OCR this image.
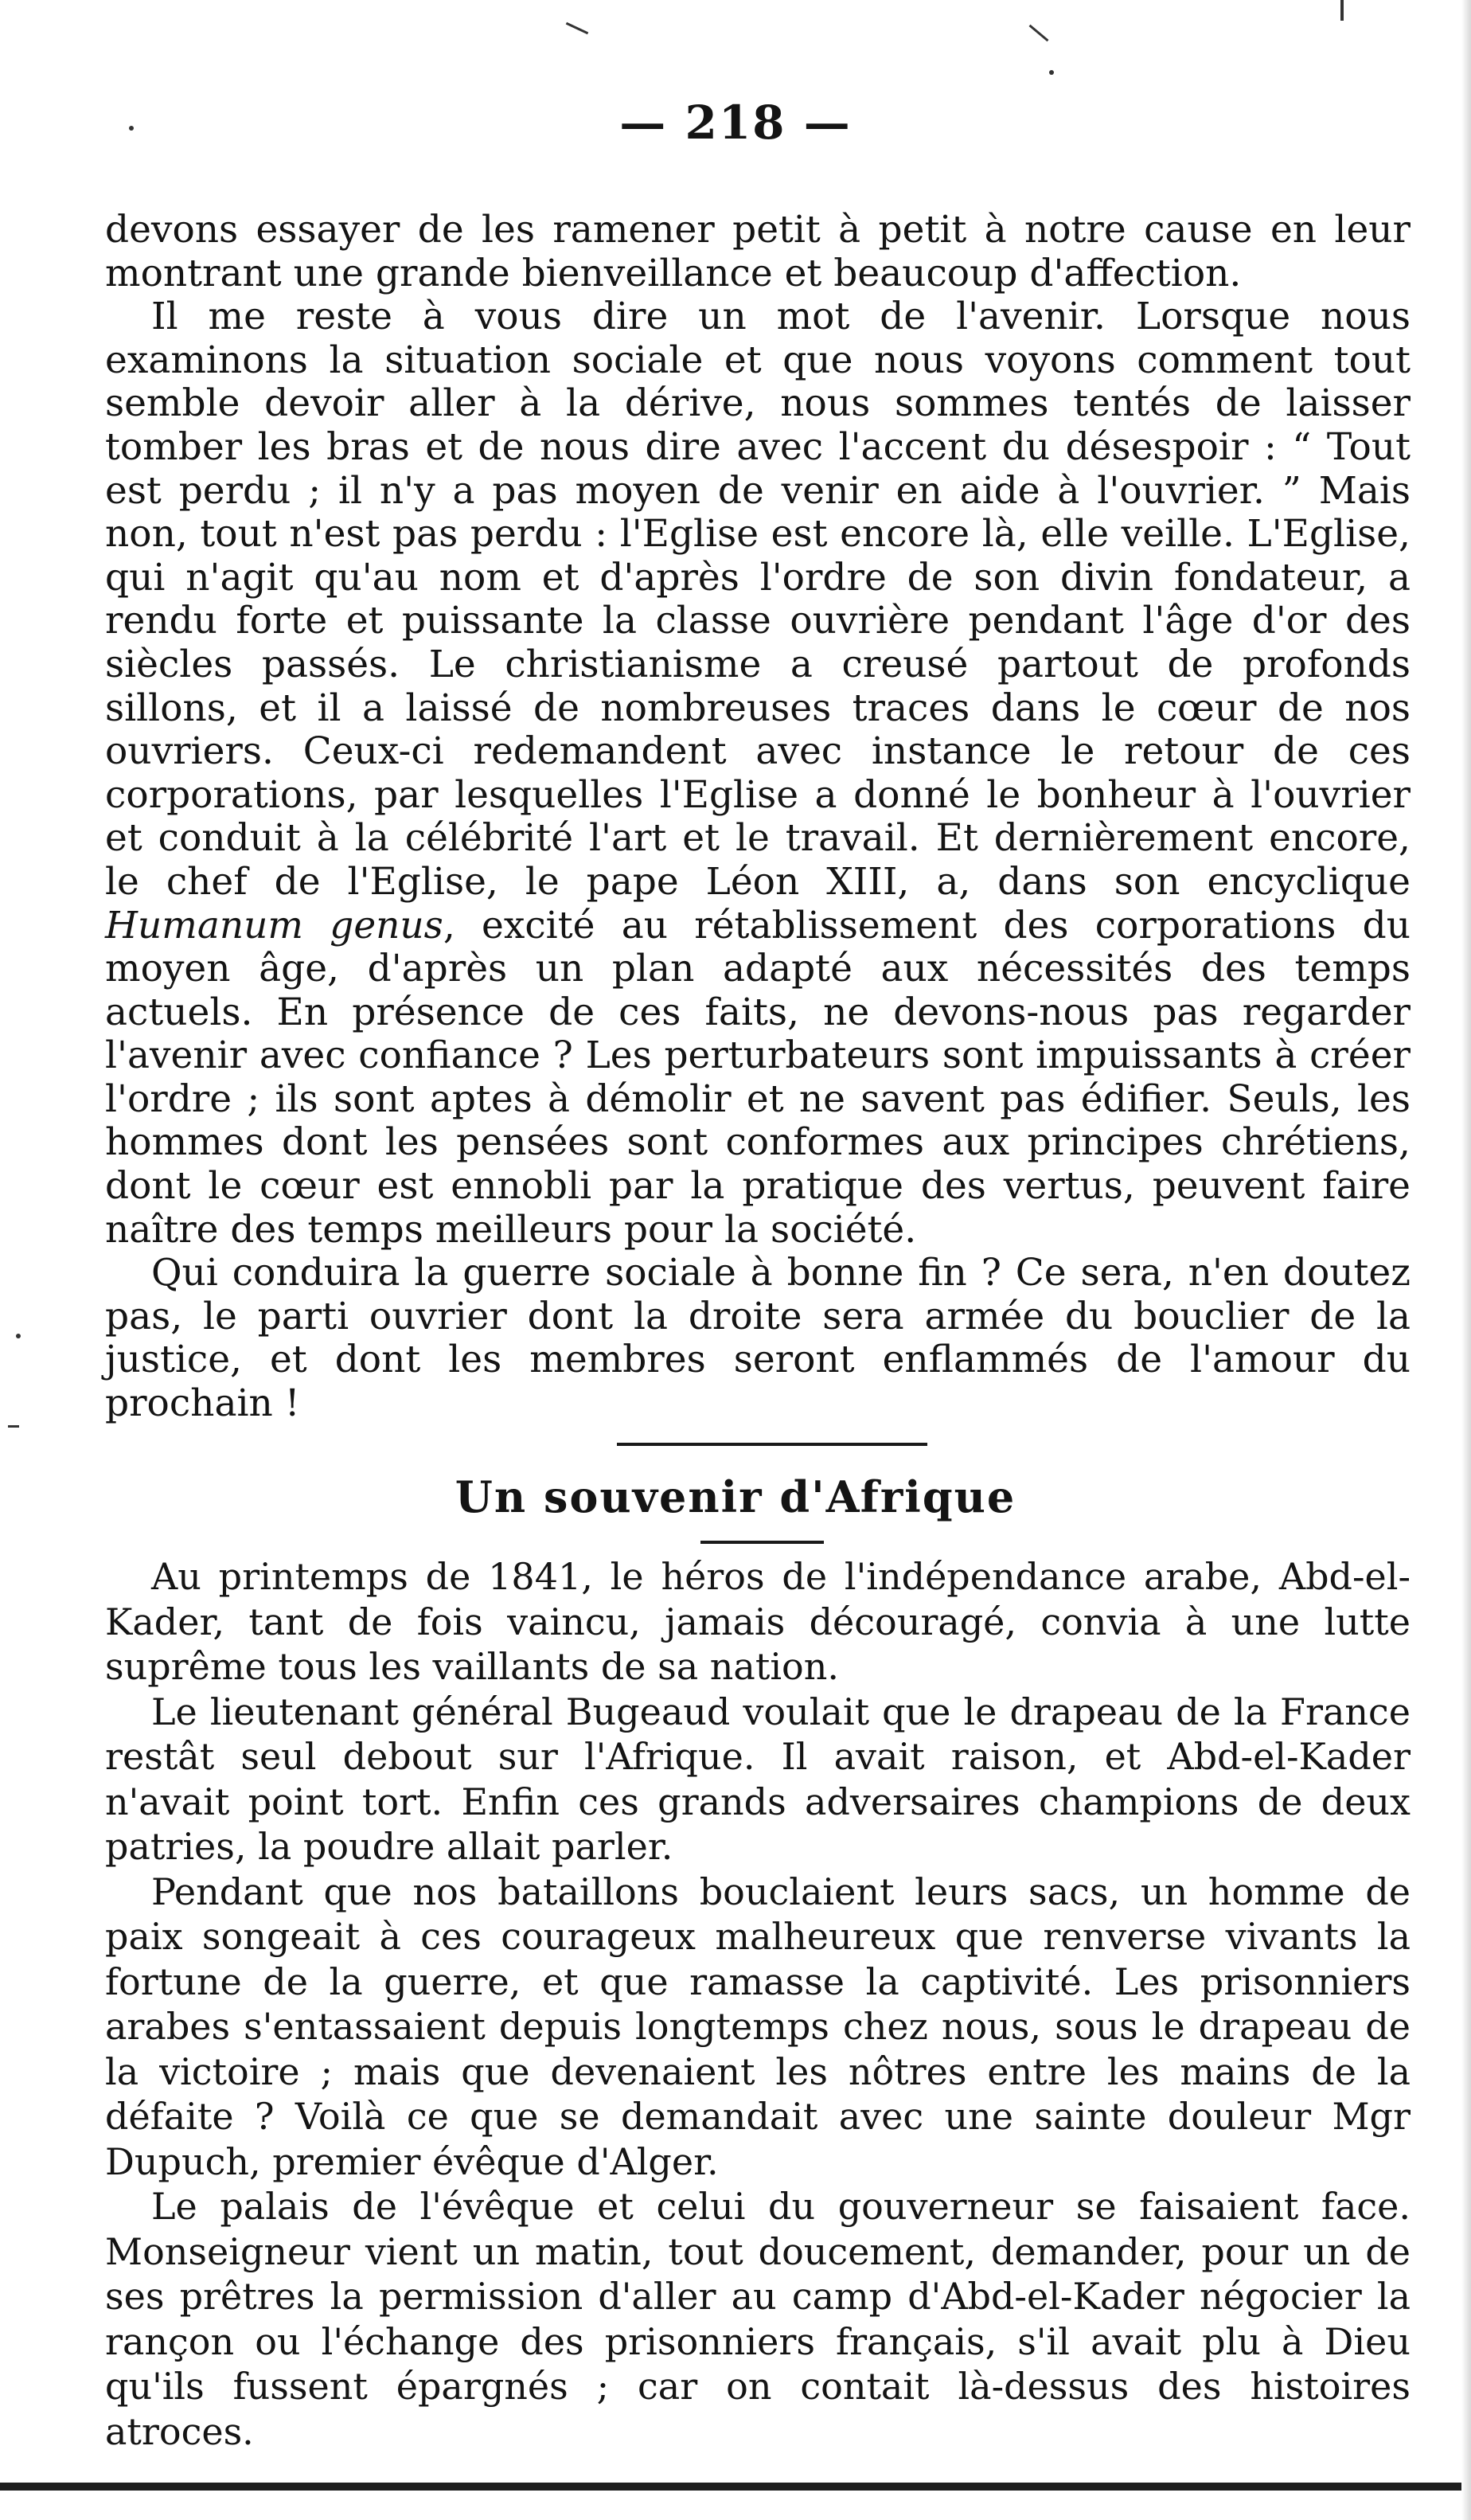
— 218 —

devons essayer de les ramener petit à petit à notre cause en leur montrant une grande bienveillance et beaucoup d'affection.

Il me reste à vous dire un mot de l'avenir. Lorsque nous examinons la situation sociale et que nous voyons comment tout semble devoir aller à la dérive, nous sommes tentés de laisser tomber les bras et de nous dire avec l'accent du désespoir : “ Tout est perdu ; il n'y a pas moyen de venir en aide à l'ouvrier. ” Mais non, tout n'est pas perdu : l'Eglise est encore là, elle veille. L'Eglise, qui n'agit qu'au nom et d'après l'ordre de son divin fondateur, a rendu forte et puissante la classe ouvrière pendant l'âge d'or des siècles passés. Le christianisme a creusé partout de profonds sillons, et il a laissé de nombreuses traces dans le cœur de nos ouvriers. Ceux-ci redemandent avec instance le retour de ces corporations, par lesquelles l'Eglise a donné le bonheur à l'ouvrier et conduit à la célébrité l'art et le travail. Et dernièrement encore, le chef de l'Eglise, le pape Léon XIII, a, dans son encyclique Humanum genus, excité au rétablissement des corporations du moyen âge, d'après un plan adapté aux nécessités des temps actuels. En présence de ces faits, ne devons-nous pas regarder l'avenir avec confiance ? Les perturbateurs sont impuissants à créer l'ordre ; ils sont aptes à démolir et ne savent pas édifier. Seuls, les hommes dont les pensées sont conformes aux principes chrétiens, dont le cœur est ennobli par la pratique des vertus, peuvent faire naître des temps meilleurs pour la société.

Qui conduira la guerre sociale à bonne fin ? Ce sera, n'en doutez pas, le parti ouvrier dont la droite sera armée du bouclier de la justice, et dont les membres seront enflammés de l'amour du prochain !

Un souvenir d'Afrique

Au printemps de 1841, le héros de l'indépendance arabe, Abd-el-Kader, tant de fois vaincu, jamais découragé, convia à une lutte suprême tous les vaillants de sa nation.

Le lieutenant général Bugeaud voulait que le drapeau de la France restât seul debout sur l'Afrique. Il avait raison, et Abd-el-Kader n'avait point tort. Enfin ces grands adversaires champions de deux patries, la poudre allait parler.

Pendant que nos bataillons bouclaient leurs sacs, un homme de paix songeait à ces courageux malheureux que renverse vivants la fortune de la guerre, et que ramasse la captivité. Les prisonniers arabes s'entassaient depuis longtemps chez nous, sous le drapeau de la victoire ; mais que devenaient les nôtres entre les mains de la défaite ? Voilà ce que se demandait avec une sainte douleur Mgr Dupuch, premier évêque d'Alger.

Le palais de l'évêque et celui du gouverneur se faisaient face. Monseigneur vient un matin, tout doucement, demander, pour un de ses prêtres la permission d'aller au camp d'Abd-el-Kader négocier la rançon ou l'échange des prisonniers français, s'il avait plu à Dieu qu'ils fussent épargnés ; car on contait là-dessus des histoires atroces.
